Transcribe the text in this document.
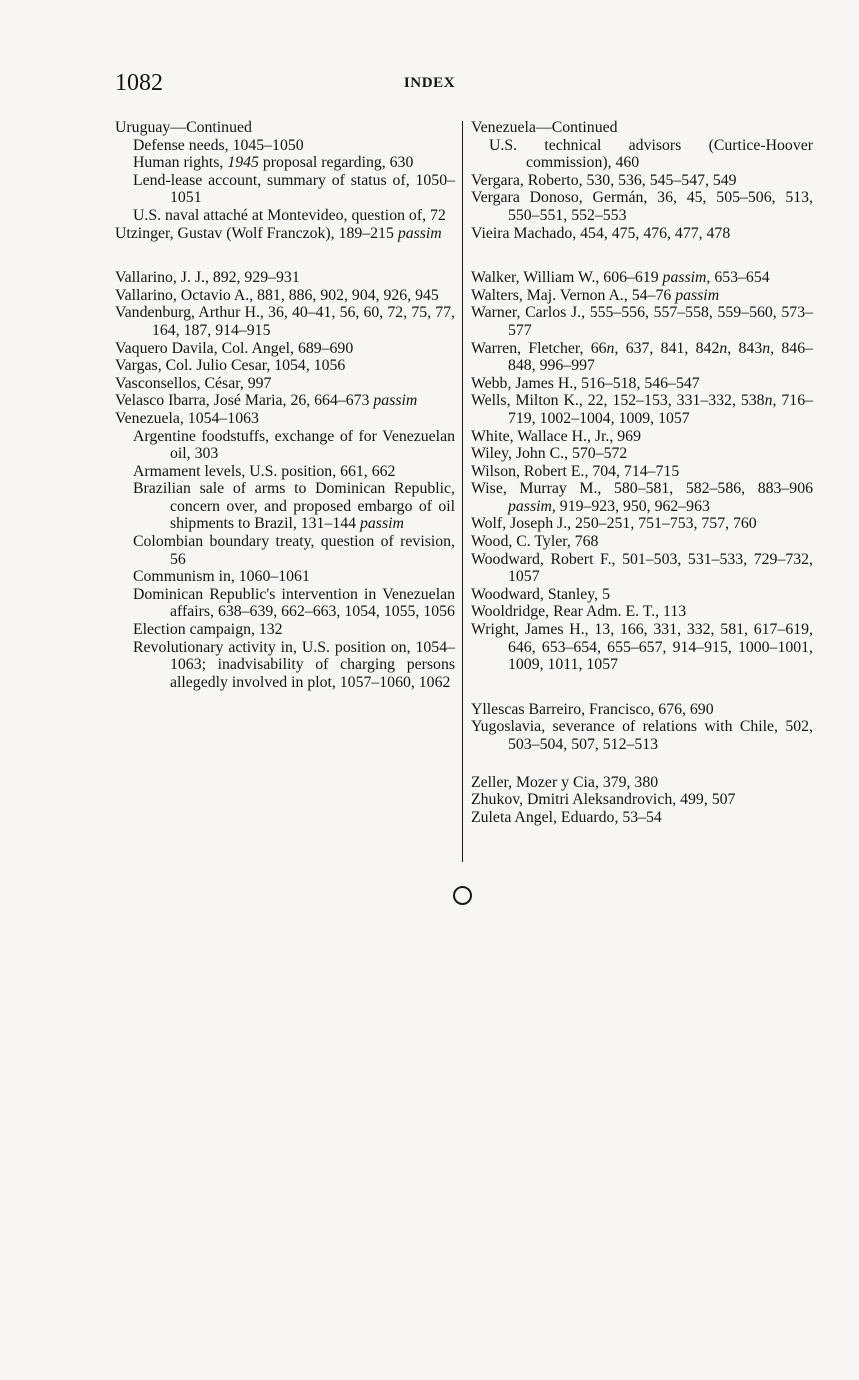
1082	INDEX
Uruguay—Continued
Defense needs, 1045–1050
Human rights, 1945 proposal regarding, 630
Lend-lease account, summary of status of, 1050–1051
U.S. naval attaché at Montevideo, question of, 72
Utzinger, Gustav (Wolf Franczok), 189–215 passim
Vallarino, J. J., 892, 929–931
Vallarino, Octavio A., 881, 886, 902, 904, 926, 945
Vandenburg, Arthur H., 36, 40–41, 56, 60, 72, 75, 77, 164, 187, 914–915
Vaquero Davila, Col. Angel, 689–690
Vargas, Col. Julio Cesar, 1054, 1056
Vasconsellos, César, 997
Velasco Ibarra, José Maria, 26, 664–673 passim
Venezuela, 1054–1063
Argentine foodstuffs, exchange of for Venezuelan oil, 303
Armament levels, U.S. position, 661, 662
Brazilian sale of arms to Dominican Republic, concern over, and proposed embargo of oil shipments to Brazil, 131–144 passim
Colombian boundary treaty, question of revision, 56
Communism in, 1060–1061
Dominican Republic's intervention in Venezuelan affairs, 638–639, 662–663, 1054, 1055, 1056
Election campaign, 132
Revolutionary activity in, U.S. position on, 1054–1063; inadvisability of charging persons allegedly involved in plot, 1057–1060, 1062
Venezuela—Continued
U.S. technical advisors (Curtice-Hoover commission), 460
Vergara, Roberto, 530, 536, 545–547, 549
Vergara Donoso, Germán, 36, 45, 505–506, 513, 550–551, 552–553
Vieira Machado, 454, 475, 476, 477, 478
Walker, William W., 606–619 passim, 653–654
Walters, Maj. Vernon A., 54–76 passim
Warner, Carlos J., 555–556, 557–558, 559–560, 573–577
Warren, Fletcher, 66n, 637, 841, 842n, 843n, 846–848, 996–997
Webb, James H., 516–518, 546–547
Wells, Milton K., 22, 152–153, 331–332, 538n, 716–719, 1002–1004, 1009, 1057
White, Wallace H., Jr., 969
Wiley, John C., 570–572
Wilson, Robert E., 704, 714–715
Wise, Murray M., 580–581, 582–586, 883–906 passim, 919–923, 950, 962–963
Wolf, Joseph J., 250–251, 751–753, 757, 760
Wood, C. Tyler, 768
Woodward, Robert F., 501–503, 531–533, 729–732, 1057
Woodward, Stanley, 5
Wooldridge, Rear Adm. E. T., 113
Wright, James H., 13, 166, 331, 332, 581, 617–619, 646, 653–654, 655–657, 914–915, 1000–1001, 1009, 1011, 1057
Yllescas Barreiro, Francisco, 676, 690
Yugoslavia, severance of relations with Chile, 502, 503–504, 507, 512–513
Zeller, Mozer y Cia, 379, 380
Zhukov, Dmitri Aleksandrovich, 499, 507
Zuleta Angel, Eduardo, 53–54
